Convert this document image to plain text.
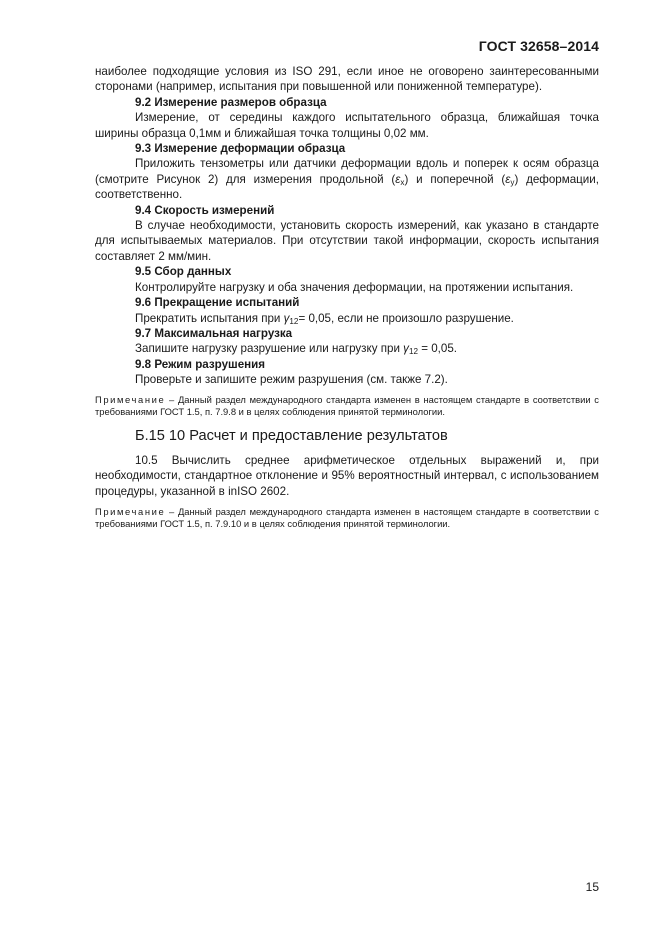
ГОСТ 32658–2014

наиболее подходящие условия из ISO 291, если иное не оговорено заинтересованными сторонами (например, испытания при повышенной или пониженной температуре).

9.2 Измерение размеров образца

Измерение, от середины каждого испытательного образца, ближайшая точка ширины образца 0,1мм и ближайшая точка толщины 0,02 мм.

9.3 Измерение деформации образца

Приложить тензометры или датчики деформации вдоль и поперек к осям образца (смотрите Рисунок 2) для измерения продольной $(\varepsilon_x)$ и поперечной $(\varepsilon_y)$ деформации, соответственно.

9.4 Скорость измерений

В случае необходимости, установить скорость измерений, как указано в стандарте для испытываемых материалов. При отсутствии такой информации, скорость испытания составляет 2 мм/мин.

9.5 Сбор данных

Контролируйте нагрузку и оба значения деформации, на протяжении испытания.

9.6 Прекращение испытаний

Прекратить испытания при $\gamma_{12}= 0,05$, если не произошло разрушение.

9.7 Максимальная нагрузка

Запишите нагрузку разрушение или нагрузку при $\gamma_{12} = 0,05$.

9.8 Режим разрушения

Проверьте и запишите режим разрушения (см. также 7.2).

Примечание – Данный раздел международного стандарта изменен в настоящем стандарте в соответствии с требованиями ГОСТ 1.5, п. 7.9.8 и в целях соблюдения принятой терминологии.

Б.15 10 Расчет и предоставление результатов

10.5 Вычислить среднее арифметическое отдельных выражений и, при необходимости, стандартное отклонение и 95% вероятностный интервал, с использованием процедуры, указанной в inISO 2602.

Примечание – Данный раздел международного стандарта изменен в настоящем стандарте в соответствии с требованиями ГОСТ 1.5, п. 7.9.10 и в целях соблюдения принятой терминологии.

15
